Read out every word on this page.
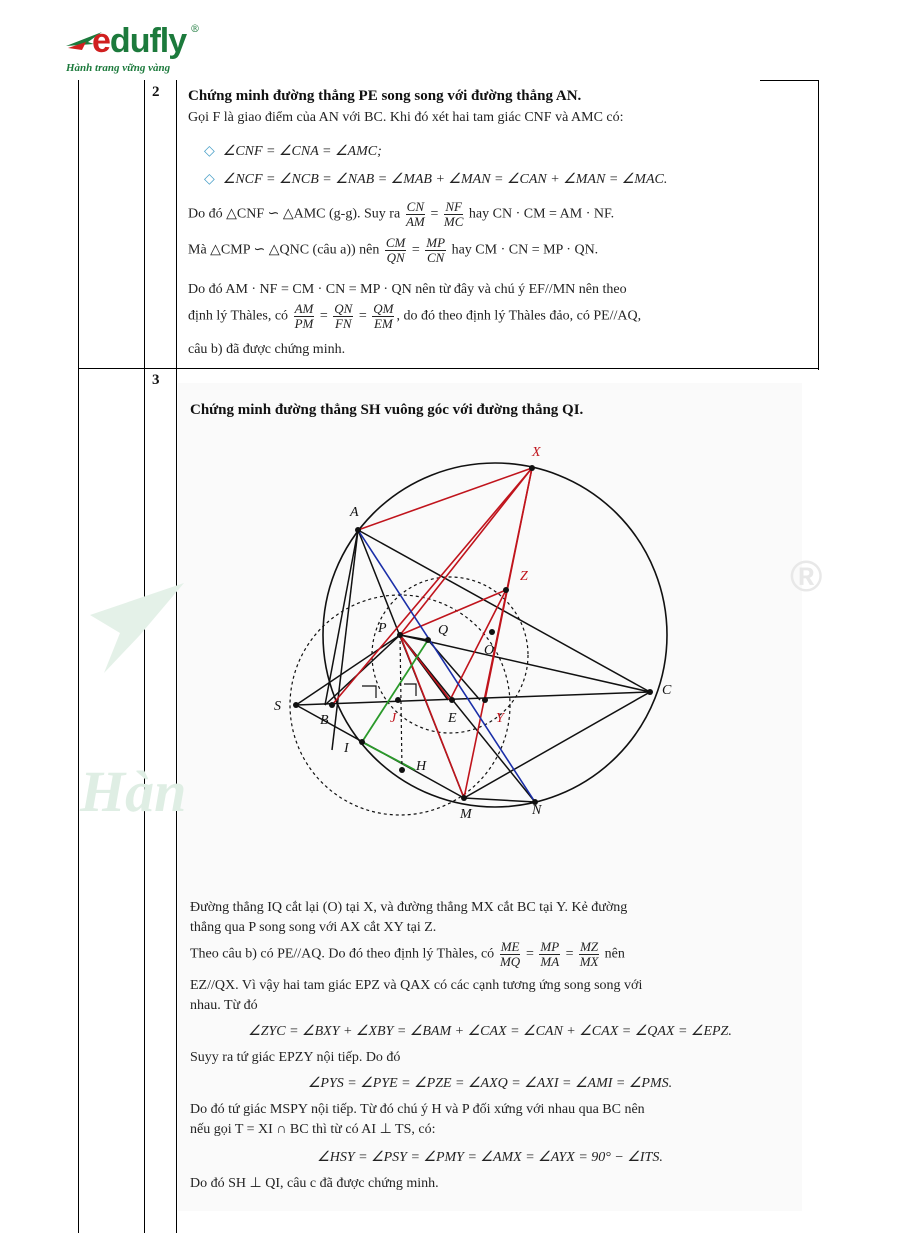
edufly ®
Hành trang vững vàng
2
3
Chứng minh đường thẳng PE song song với đường thẳng AN.
Gọi F là giao điểm của AN với BC. Khi đó xét hai tam giác CNF và AMC có:
◇ ∠CNF = ∠CNA = ∠AMC;
◇ ∠NCF = ∠NCB = ∠NAB = ∠MAB + ∠MAN = ∠CAN + ∠MAN = ∠MAC.
Do đó △CNF ∽ △AMC (g-g). Suy ra $\frac{CN}{AM} = \frac{NF}{MC}$ hay CN · CM = AM · NF.
Mà △CMP ∽ △QNC (câu a)) nên $\frac{CM}{QN} = \frac{MP}{CN}$ hay CM · CN = MP · QN.
Do đó AM · NF = CM · CN = MP · QN nên từ đây và chú ý EF//MN nên theo
định lý Thàles, có $\frac{AM}{PM} = \frac{QN}{FN} = \frac{QM}{EM}$ , do đó theo định lý Thàles đảo, có PE//AQ,
câu b) đã được chứng minh.
Hàn
®
Chứng minh đường thẳng SH vuông góc với đường thẳng QI.
X
A
Z
P	Q
O
C
S
B	J	E	Y
I
H
M	N
Đường thẳng IQ cắt lại (O) tại X, và đường thẳng MX cắt BC tại Y. Kẻ đường
thẳng qua P song song với AX cắt XY tại Z.
Theo câu b) có PE//AQ. Do đó theo định lý Thàles, có $\frac{ME}{MQ} = \frac{MP}{MA} = \frac{MZ}{MX}$ nên
EZ//QX. Vì vậy hai tam giác EPZ và QAX có các cạnh tương ứng song song với
nhau. Từ đó
∠ZYC = ∠BXY + ∠XBY = ∠BAM + ∠CAX = ∠CAN + ∠CAX = ∠QAX = ∠EPZ.
Suyy ra tứ giác EPZY nội tiếp. Do đó
∠PYS = ∠PYE = ∠PZE = ∠AXQ = ∠AXI = ∠AMI = ∠PMS.
Do đó tứ giác MSPY nội tiếp. Từ đó chú ý H và P đối xứng với nhau qua BC nên
nếu gọi T = XI ∩ BC thì từ có AI ⊥ TS, có:
∠HSY = ∠PSY = ∠PMY = ∠AMX = ∠AYX = 90° − ∠ITS.
Do đó SH ⊥ QI, câu c đã được chứng minh.
